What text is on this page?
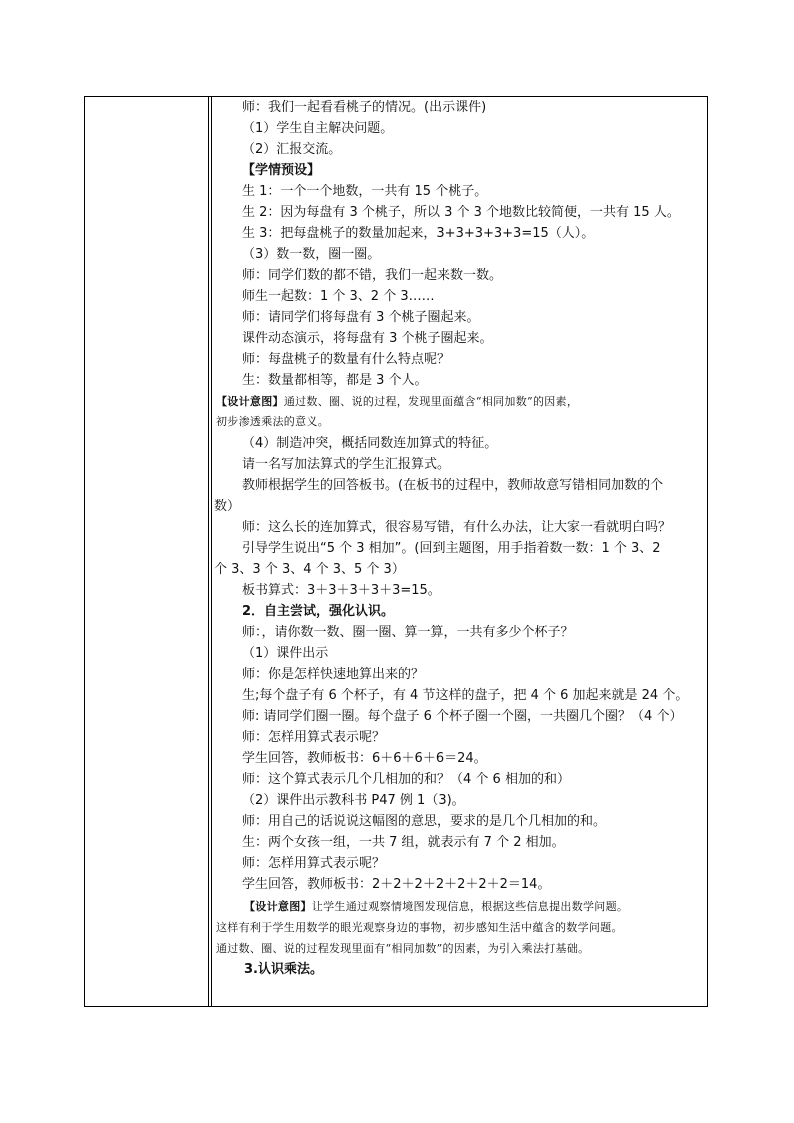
师：我们一起看看桃子的情况。(出示课件)
（1）学生自主解决问题。
（2）汇报交流。
【学情预设】
生 1：一个一个地数，一共有 15 个桃子。
生 2：因为每盘有 3 个桃子，所以 3 个 3 个地数比较简便，一共有 15 人。
生 3：把每盘桃子的数量加起来，3+3+3+3+3=15（人）。
（3）数一数，圈一圈。
师：同学们数的都不错，我们一起来数一数。
师生一起数：1 个 3、2 个 3……
师：请同学们将每盘有 3 个桃子圈起来。
课件动态演示，将每盘有 3 个桃子圈起来。
师：每盘桃子的数量有什么特点呢？
生：数量都相等，都是 3 个人。
【设计意图】通过数、圈、说的过程，发现里面蕴含“相同加数”的因素，
初步渗透乘法的意义。
（4）制造冲突，概括同数连加算式的特征。
请一名写加法算式的学生汇报算式。
教师根据学生的回答板书。(在板书的过程中，教师故意写错相同加数的个
数）
师：这么长的连加算式，很容易写错，有什么办法，让大家一看就明白吗？
引导学生说出“5 个 3 相加”。(回到主题图，用手指着数一数：1 个 3、2
个 3、3 个 3、4 个 3、5 个 3）
板书算式：3＋3＋3＋3＋3=15。
2．自主尝试，强化认识。
师：，请你数一数、圈一圈、算一算，一共有多少个杯子？
（1）课件出示
师：你是怎样快速地算出来的？
生;每个盘子有 6 个杯子，有 4 节这样的盘子，把 4 个 6 加起来就是 24 个。
师: 请同学们圈一圈。每个盘子 6 个杯子圈一个圈，一共圈几个圈？（4 个）
师：怎样用算式表示呢？
学生回答，教师板书：6＋6＋6＋6＝24。
师：这个算式表示几个几相加的和？（4 个 6 相加的和）
（2）课件出示教科书 P47 例 1（3)。
师：用自己的话说说这幅图的意思，要求的是几个几相加的和。
生：两个女孩一组，一共 7 组，就表示有 7 个 2 相加。
师：怎样用算式表示呢？
学生回答，教师板书：2＋2＋2＋2＋2＋2＋2＝14。
【设计意图】让学生通过观察情境图发现信息，根据这些信息提出数学问题。
这样有利于学生用数学的眼光观察身边的事物，初步感知生活中蕴含的数学问题。
通过数、圈、说的过程发现里面有“相同加数”的因素，为引入乘法打基础。
3.认识乘法。
